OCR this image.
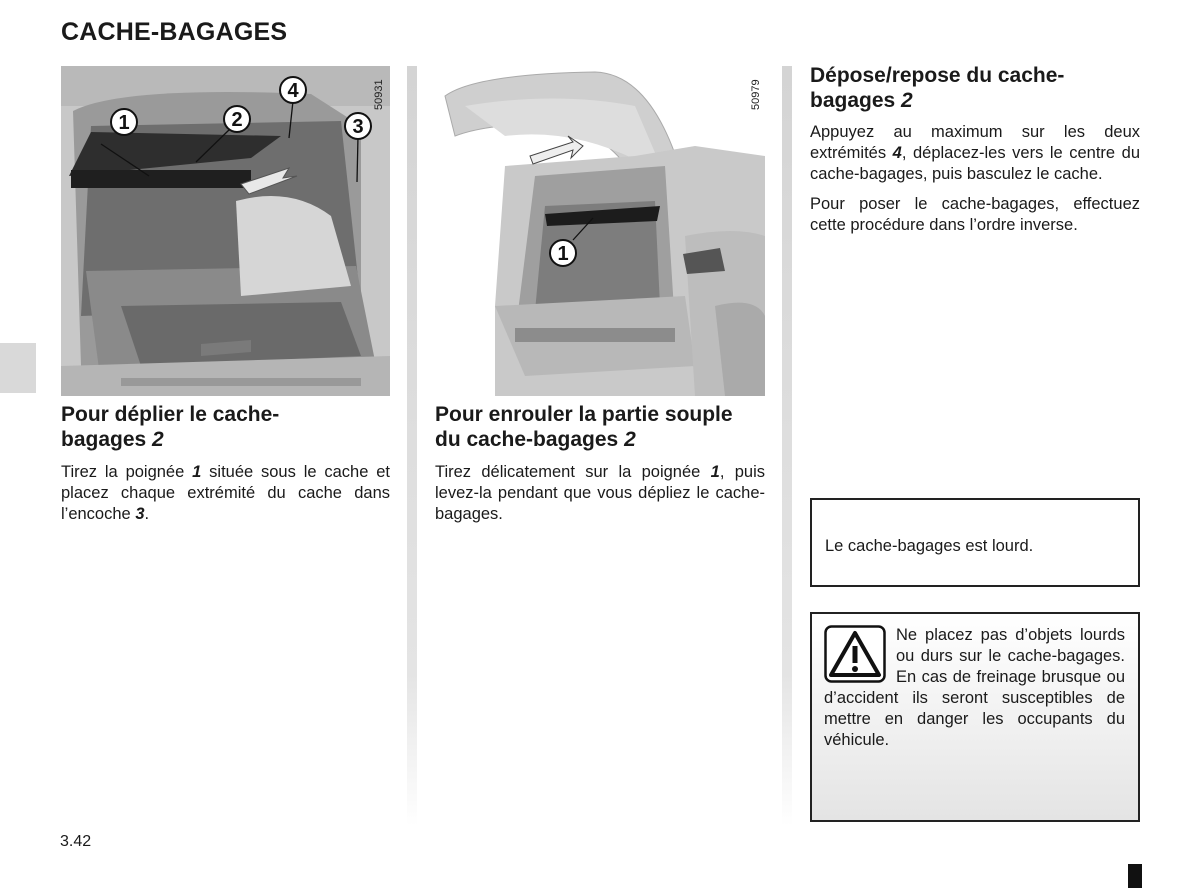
CACHE-BAGAGES
1	2
4
3
50931
1
50979
Pour déplier le cache-
bagages 2

Tirez la poignée 1 située sous le cache et placez chaque extrémité du cache dans l’encoche 3.

Pour enrouler la partie souple
du cache-bagages 2

Tirez délicatement sur la poignée 1, puis levez-la pendant que vous dépliez le cache-bagages.

Dépose/repose du cache-
bagages 2

Appuyez au maximum sur les deux extrémités 4, déplacez-les vers le centre du cache-bagages, puis basculez le cache.

Pour poser le cache-bagages, effectuez cette procédure dans l’ordre inverse.

Le cache-bagages est lourd.

Ne placez pas d’objets lourds ou durs sur le cache-bagages. En cas de freinage brusque ou d’accident ils seront susceptibles de mettre en danger les occupants du véhicule.

3.42
